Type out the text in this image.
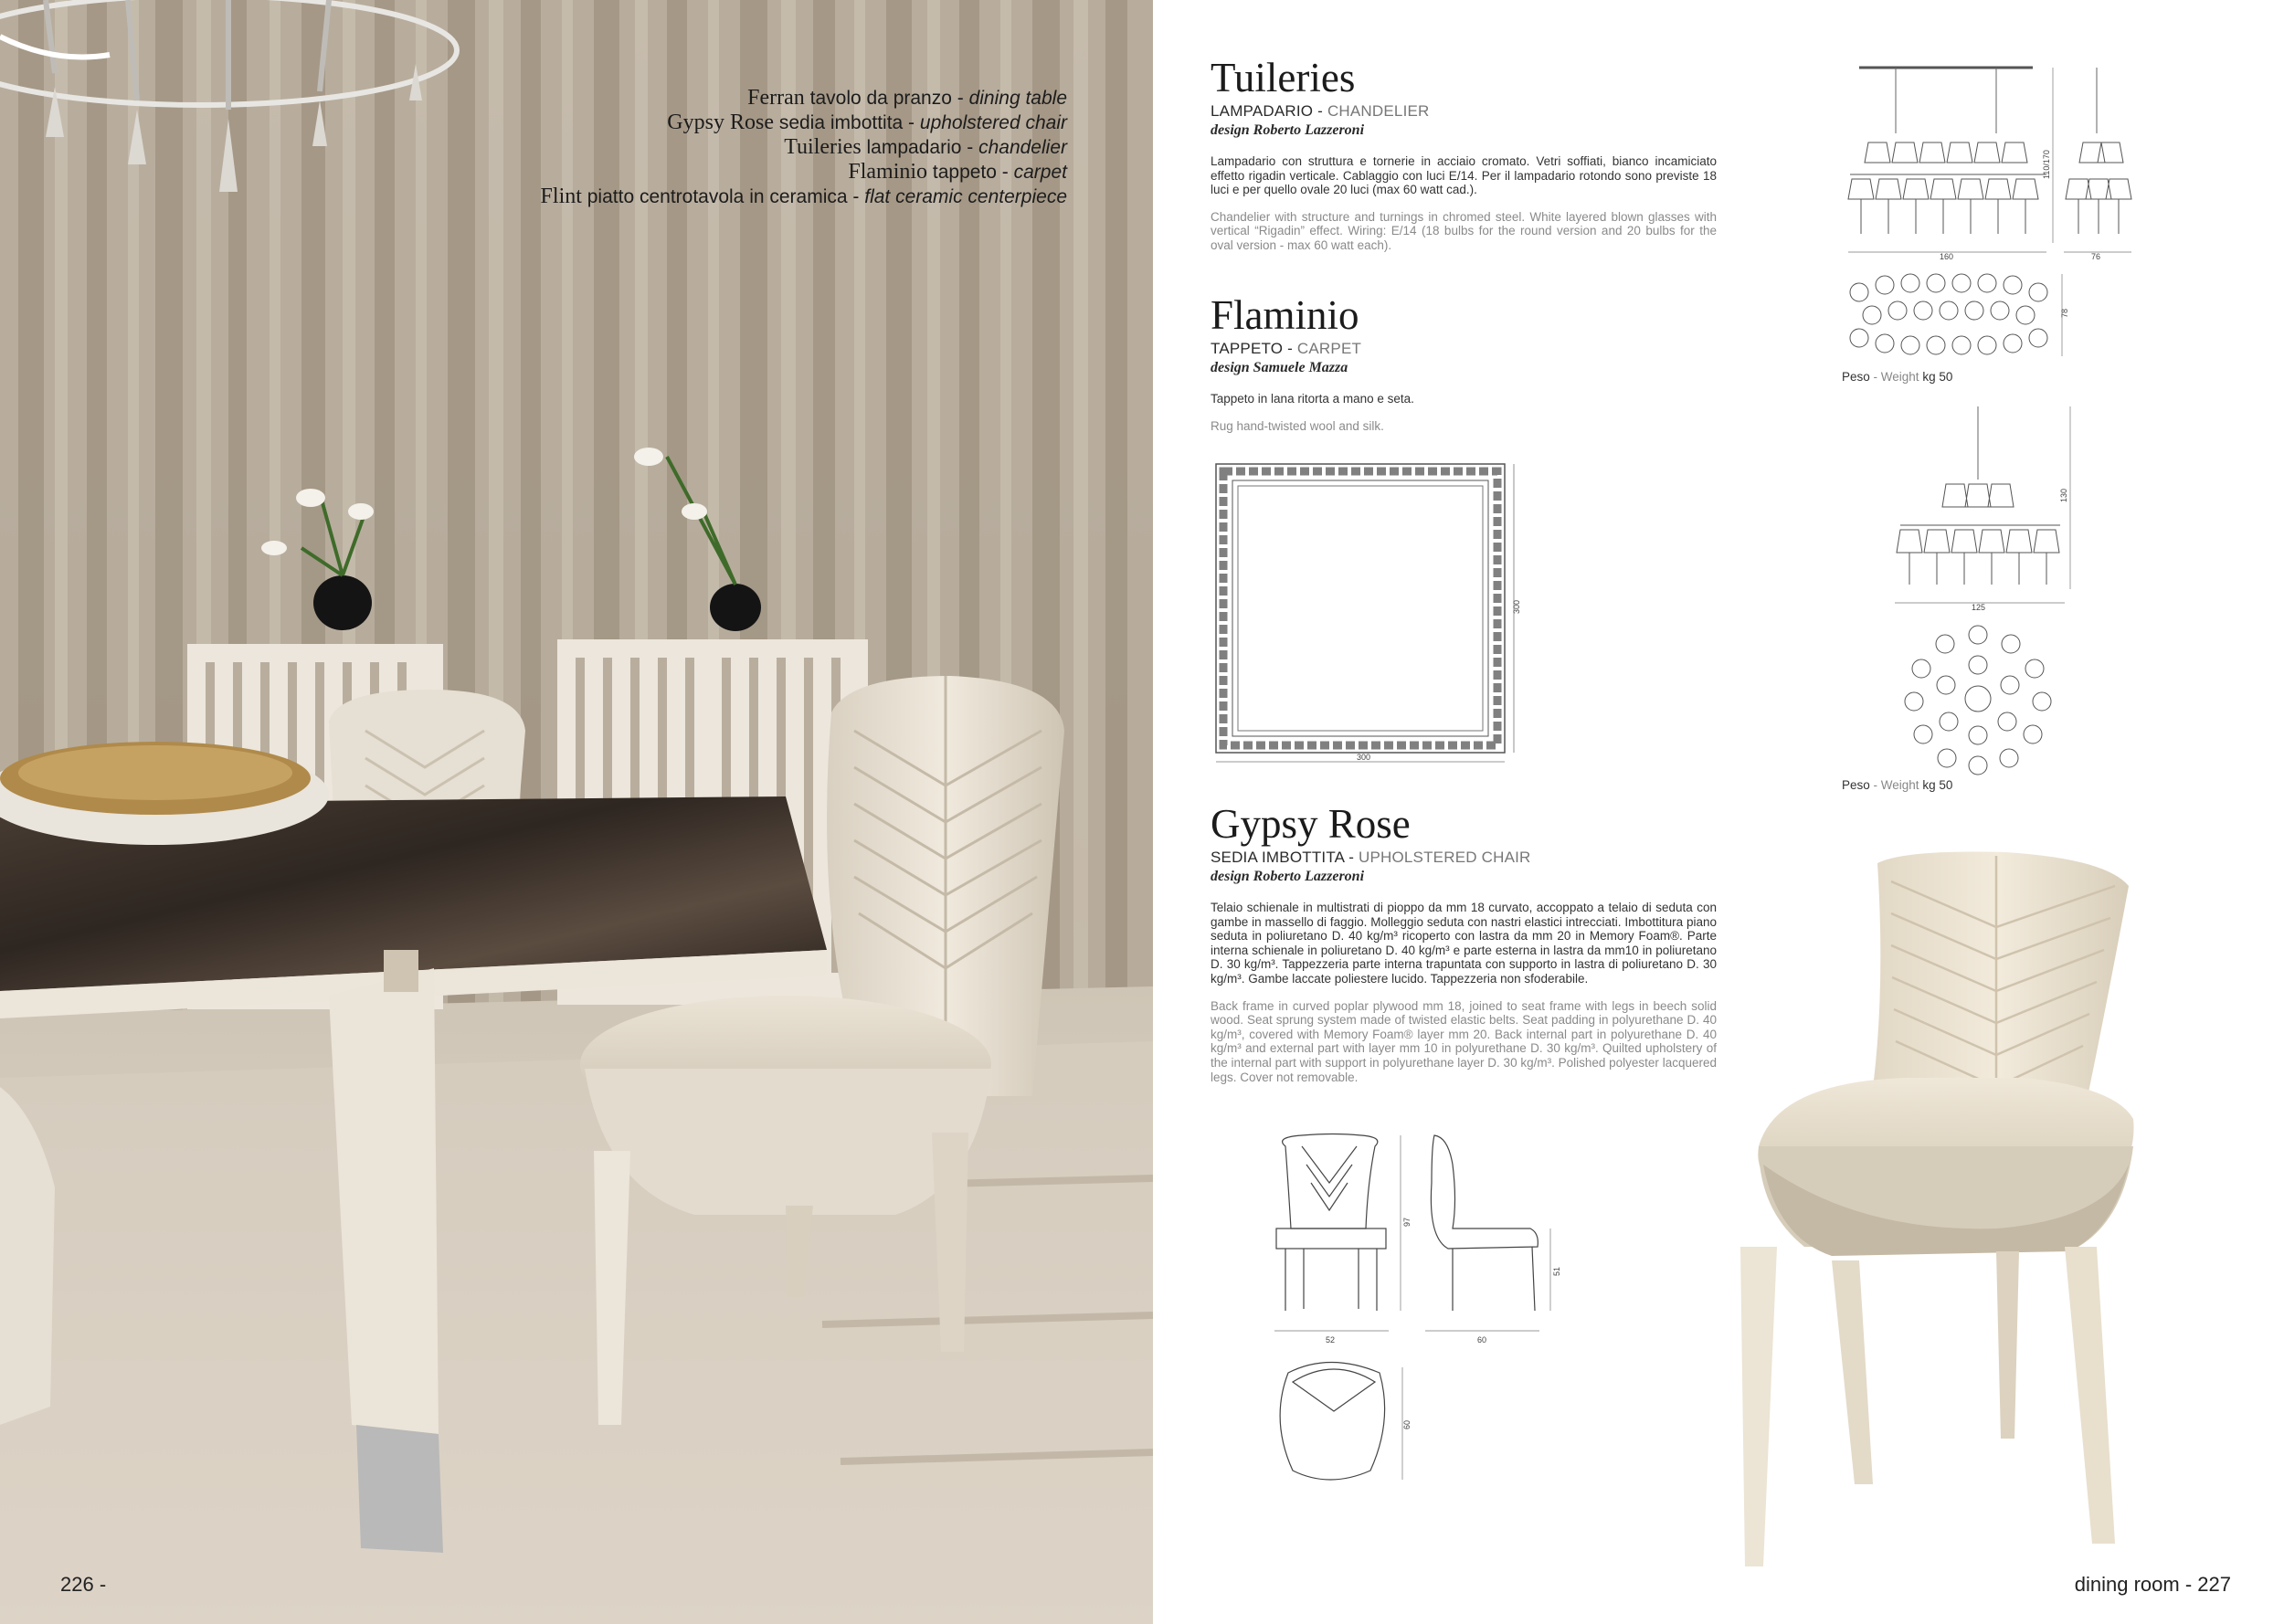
Ferran tavolo da pranzo - dining table
Gypsy Rose sedia imbottita - upholstered chair
Tuileries lampadario - chandelier
Flaminio tappeto - carpet
Flint piatto centrotavola in ceramica - flat ceramic centerpiece
226 -
Tuileries
LAMPADARIO - CHANDELIER
design Roberto Lazzeroni
Lampadario con struttura e tornerie in acciaio cromato. Vetri soffiati, bianco incamiciato effetto rigadin verticale. Cablaggio con luci E/14. Per il lampadario rotondo sono previste 18 luci e per quello ovale 20 luci (max 60 watt cad.).
Chandelier with structure and turnings in chromed steel. White layered blown glasses with vertical “Rigadin” effect. Wiring: E/14 (18 bulbs for the round version and 20 bulbs for the oval version - max 60 watt each).
Flaminio
TAPPETO - CARPET
design Samuele Mazza
Tappeto in lana ritorta a mano e seta.
Rug hand-twisted wool and silk.
300
300
160
110/170
76
78
Peso - Weight kg 50
125
130
Peso - Weight kg 50
Gypsy Rose
SEDIA IMBOTTITA - UPHOLSTERED CHAIR
design Roberto Lazzeroni
Telaio schienale in multistrati di pioppo da mm 18 curvato, accoppato a telaio di seduta con gambe in massello di faggio. Molleggio seduta con nastri elastici intrecciati. Imbottitura piano seduta in poliuretano D. 40 kg/m³ ricoperto con lastra da mm 20 in Memory Foam®. Parte interna schienale in poliuretano D. 40 kg/m³ e parte esterna in lastra da mm10 in poliuretano D. 30 kg/m³. Tappezzeria parte interna trapuntata con supporto in lastra di poliuretano D. 30 kg/m³. Gambe laccate poliestere lucido. Tappezzeria non sfoderabile.
Back frame in curved poplar plywood mm 18, joined to seat frame with legs in beech solid wood. Seat sprung system made of twisted elastic belts. Seat padding in polyurethane D. 40 kg/m³, covered with Memory Foam® layer mm 20. Back internal part in polyurethane D. 40 kg/m³ and external part with layer mm 10 in polyurethane D. 30 kg/m³. Quilted upholstery of the internal part with support in polyurethane layer D. 30 kg/m³. Polished polyester lacquered legs. Cover not removable.
52
97
60
51
60
dining room - 227
